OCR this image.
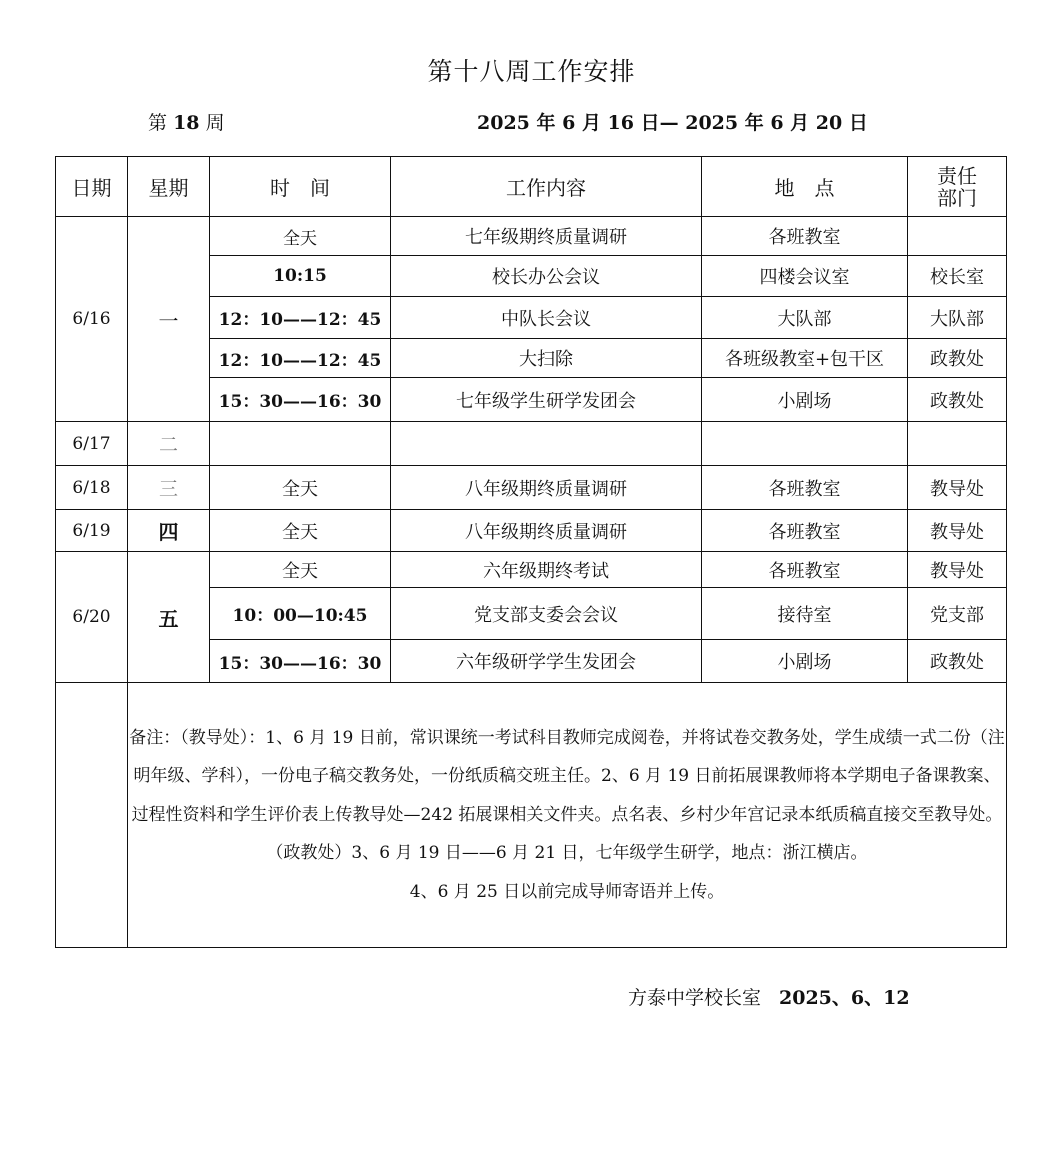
第十八周工作安排
第 18 周	2025 年 6 月 16 日— 2025 年 6 月 20 日
日期	星期	时　间	工作内容	地　点	责任
部门
6/16	一	全天	七年级期终质量调研	各班教室	
		10:15	校长办公会议	四楼会议室	校长室
		12：10——12：45	中队长会议	大队部	大队部
		12：10——12：45	大扫除	各班级教室+包干区	政教处
		15：30——16：30	七年级学生研学发团会	小剧场	政教处
6/17	二				
6/18	三	全天	八年级期终质量调研	各班教室	教导处
6/19	四	全天	八年级期终质量调研	各班教室	教导处
6/20	五	全天	六年级期终考试	各班教室	教导处
		10：00—10:45	党支部支委会会议	接待室	党支部
		15：30——16：30	六年级研学学生发团会	小剧场	政教处

	备注：（教导处）：1、6 月 19 日前，常识课统一考试科目教师完成阅卷，并将试卷交教务处，学生成绩一式二份（注明年级、学科），一份电子稿交教务处，一份纸质稿交班主任。2、6 月 19 日前拓展课教师将本学期电子备课教案、过程性资料和学生评价表上传教导处—242 拓展课相关文件夹。点名表、乡村少年宫记录本纸质稿直接交至教导处。

（政教处）3、6 月 19 日——6 月 21 日，七年级学生研学，地点：浙江横店。

4、6 月 25 日以前完成导师寄语并上传。				

方泰中学校长室 2025、6、12
